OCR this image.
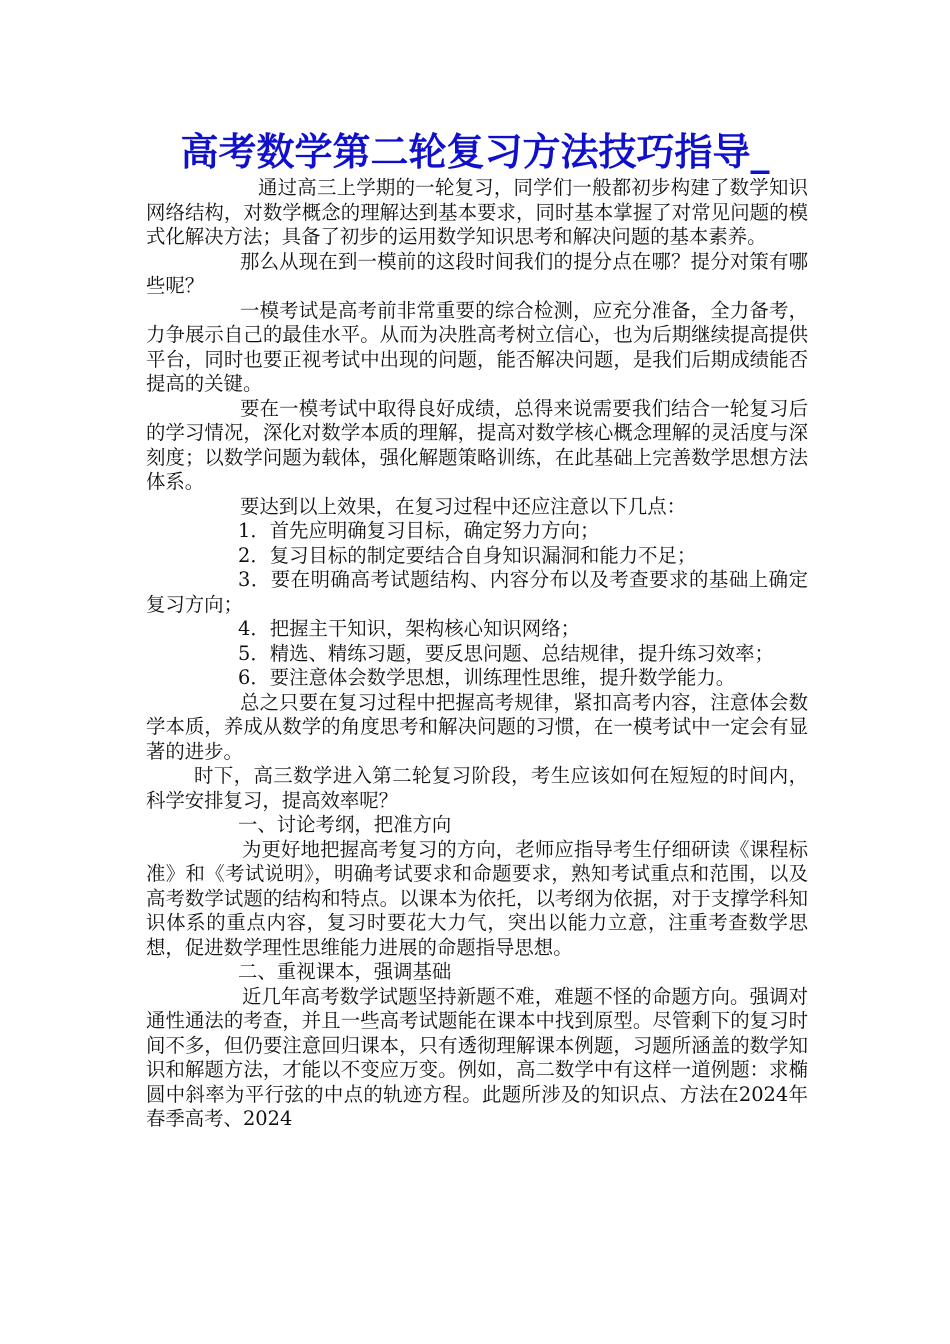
高考数学第二轮复习方法技巧指导_

通过高三上学期的一轮复习，同学们一般都初步构建了数学知识网络结构，对数学概念的理解达到基本要求，同时基本掌握了对常见问题的模式化解决方法；具备了初步的运用数学知识思考和解决问题的基本素养。

那么从现在到一模前的这段时间我们的提分点在哪？提分对策有哪些呢？

一模考试是高考前非常重要的综合检测，应充分准备，全力备考，力争展示自己的最佳水平。从而为决胜高考树立信心，也为后期继续提高提供平台，同时也要正视考试中出现的问题，能否解决问题，是我们后期成绩能否提高的关键。

要在一模考试中取得良好成绩，总得来说需要我们结合一轮复习后的学习情况，深化对数学本质的理解，提高对数学核心概念理解的灵活度与深刻度；以数学问题为载体，强化解题策略训练，在此基础上完善数学思想方法体系。

要达到以上效果，在复习过程中还应注意以下几点：

1．首先应明确复习目标，确定努力方向；

2．复习目标的制定要结合自身知识漏洞和能力不足；

3．要在明确高考试题结构、内容分布以及考查要求的基础上确定复习方向；

4．把握主干知识，架构核心知识网络；

5．精选、精练习题，要反思问题、总结规律，提升练习效率；

6．要注意体会数学思想，训练理性思维，提升数学能力。

总之只要在复习过程中把握高考规律，紧扣高考内容，注意体会数学本质，养成从数学的角度思考和解决问题的习惯，在一模考试中一定会有显著的进步。

时下，高三数学进入第二轮复习阶段，考生应该如何在短短的时间内，科学安排复习，提高效率呢？

一、讨论考纲，把准方向

为更好地把握高考复习的方向，老师应指导考生仔细研读《课程标准》和《考试说明》，明确考试要求和命题要求，熟知考试重点和范围，以及高考数学试题的结构和特点。以课本为依托，以考纲为依据，对于支撑学科知识体系的重点内容，复习时要花大力气，突出以能力立意，注重考查数学思想，促进数学理性思维能力进展的命题指导思想。

二、重视课本，强调基础

近几年高考数学试题坚持新题不难，难题不怪的命题方向。强调对通性通法的考查，并且一些高考试题能在课本中找到原型。尽管剩下的复习时间不多，但仍要注意回归课本，只有透彻理解课本例题，习题所涵盖的数学知识和解题方法，才能以不变应万变。例如，高二数学中有这样一道例题：求椭圆中斜率为平行弦的中点的轨迹方程。此题所涉及的知识点、方法在2024年春季高考、2024
